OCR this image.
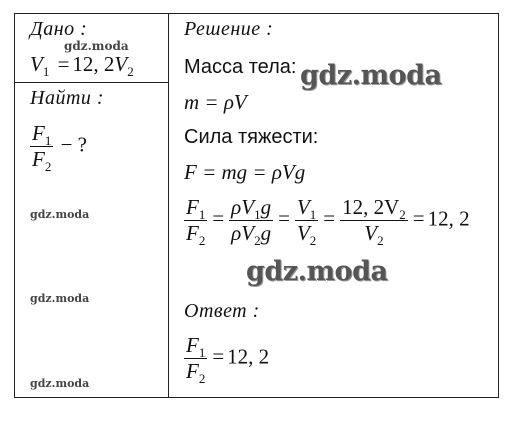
Дано :
gdz.moda
$V_1 = 12$, $2V_2$
Найти :
$\frac{F_1}{F_2}$ − ?
gdz.moda
gdz.moda
gdz.moda
Решение :
Масса тела: gdz.moda
m = ρV
Сила тяжести:
F = mg = ρVg
$\frac{F_1}{F_2} = \frac{\rho V_1g}{\rho V_2g} = \frac{V_1}{V_2} = \frac{12, 2V_2}{V_2} = 12$, 2
gdz.moda
Ответ :
$\frac{F_1}{F_2} = 12$, 2
